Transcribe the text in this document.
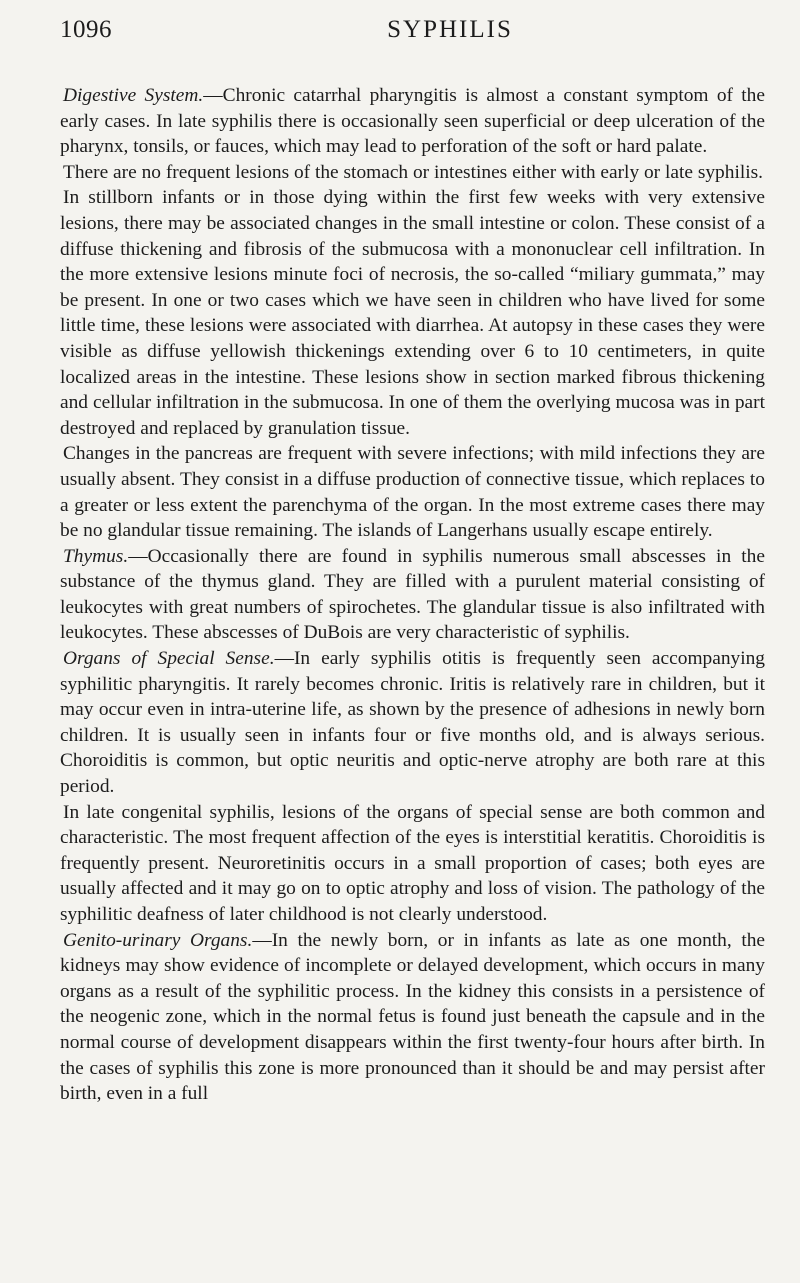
1096	SYPHILIS

Digestive System.—Chronic catarrhal pharyngitis is almost a constant symptom of the early cases. In late syphilis there is occasionally seen superficial or deep ulceration of the pharynx, tonsils, or fauces, which may lead to perforation of the soft or hard palate.

There are no frequent lesions of the stomach or intestines either with early or late syphilis.

In stillborn infants or in those dying within the first few weeks with very extensive lesions, there may be associated changes in the small intestine or colon. These consist of a diffuse thickening and fibrosis of the submucosa with a mononuclear cell infiltration. In the more extensive lesions minute foci of necrosis, the so-called “miliary gummata,” may be present. In one or two cases which we have seen in children who have lived for some little time, these lesions were associated with diarrhea. At autopsy in these cases they were visible as diffuse yellowish thickenings extending over 6 to 10 centimeters, in quite localized areas in the intestine. These lesions show in section marked fibrous thickening and cellular infiltration in the submucosa. In one of them the overlying mucosa was in part destroyed and replaced by granulation tissue.

Changes in the pancreas are frequent with severe infections; with mild infections they are usually absent. They consist in a diffuse production of connective tissue, which replaces to a greater or less extent the parenchyma of the organ. In the most extreme cases there may be no glandular tissue remaining. The islands of Langerhans usually escape entirely.

Thymus.—Occasionally there are found in syphilis numerous small abscesses in the substance of the thymus gland. They are filled with a purulent material consisting of leukocytes with great numbers of spirochetes. The glandular tissue is also infiltrated with leukocytes. These abscesses of DuBois are very characteristic of syphilis.

Organs of Special Sense.—In early syphilis otitis is frequently seen accompanying syphilitic pharyngitis. It rarely becomes chronic. Iritis is relatively rare in children, but it may occur even in intra-uterine life, as shown by the presence of adhesions in newly born children. It is usually seen in infants four or five months old, and is always serious. Choroiditis is common, but optic neuritis and optic-nerve atrophy are both rare at this period.

In late congenital syphilis, lesions of the organs of special sense are both common and characteristic. The most frequent affection of the eyes is interstitial keratitis. Choroiditis is frequently present. Neuroretinitis occurs in a small proportion of cases; both eyes are usually affected and it may go on to optic atrophy and loss of vision. The pathology of the syphilitic deafness of later childhood is not clearly understood.

Genito-urinary Organs.—In the newly born, or in infants as late as one month, the kidneys may show evidence of incomplete or delayed development, which occurs in many organs as a result of the syphilitic process. In the kidney this consists in a persistence of the neogenic zone, which in the normal fetus is found just beneath the capsule and in the normal course of development disappears within the first twenty-four hours after birth. In the cases of syphilis this zone is more pronounced than it should be and may persist after birth, even in a full
